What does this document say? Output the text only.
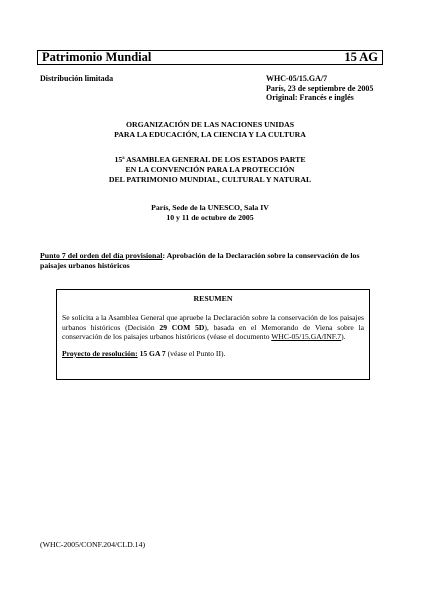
Patrimonio Mundial	15 AG
Distribución limitada	WHC-05/15.GA/7
París, 23 de septiembre de 2005
Original: Francés e inglés
ORGANIZACIÓN DE LAS NACIONES UNIDAS
PARA LA EDUCACIÓN, LA CIENCIA Y LA CULTURA
15ª ASAMBLEA GENERAL DE LOS ESTADOS PARTE
EN LA CONVENCIÓN PARA LA PROTECCIÓN
DEL PATRIMONIO MUNDIAL, CULTURAL Y NATURAL
París, Sede de la UNESCO, Sala IV
10 y 11 de octubre de 2005
Punto 7 del orden del día provisional: Aprobación de la Declaración sobre la conservación de los paisajes urbanos históricos
RESUMEN
Se solicita a la Asamblea General que apruebe la Declaración sobre la conservación de los paisajes urbanos históricos (Decisión 29 COM 5D), basada en el Memorando de Viena sobre la conservación de los paisajes urbanos históricos (véase el documento WHC-05/15.GA/INF.7).
Proyecto de resolución: 15 GA 7 (véase el Punto II).
(WHC-2005/CONF.204/CLD.14)
